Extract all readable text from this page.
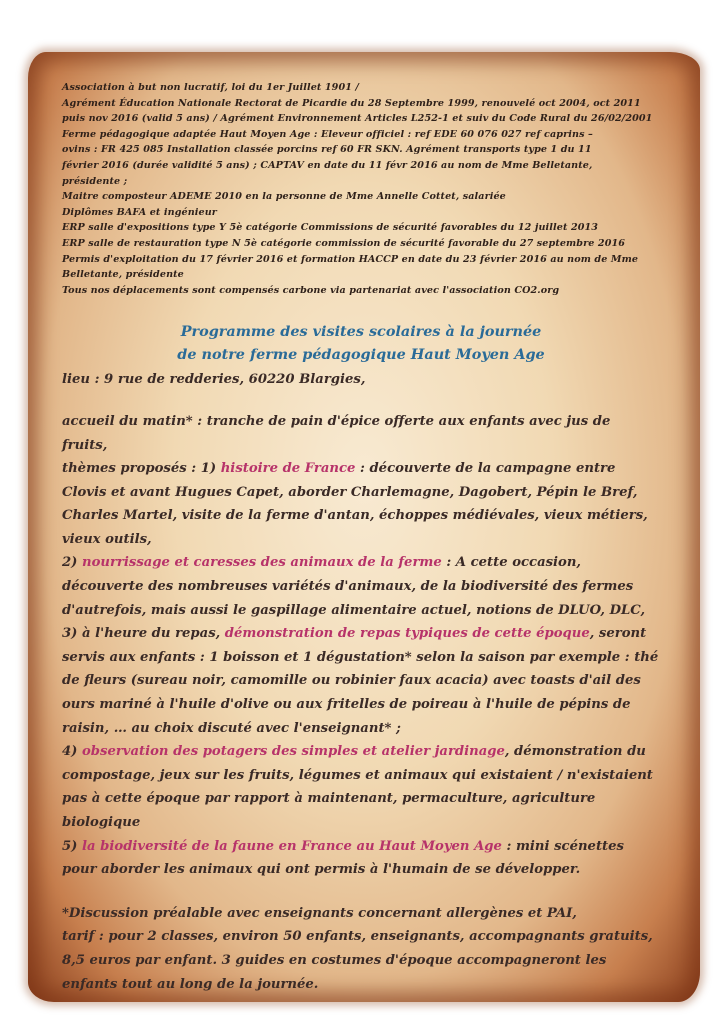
Association à but non lucratif, loi du 1er Juillet 1901 /

Agrément Éducation Nationale Rectorat de Picardie du 28 Septembre 1999, renouvelé oct 2004, oct 2011

puis nov 2016 (valid 5 ans) / Agrément Environnement Articles L252-1 et suiv du Code Rural du 26/02/2001

Ferme pédagogique adaptée Haut Moyen Age : Eleveur officiel : ref EDE 60 076 027 ref caprins –

ovins : FR 425 085 Installation classée porcins ref 60 FR SKN. Agrément transports type 1 du 11

février 2016 (durée validité 5 ans) ; CAPTAV en date du 11 févr 2016 au nom de Mme Belletante,

présidente ;

Maitre composteur ADEME 2010 en la personne de Mme Annelle Cottet, salariée

Diplômes BAFA et ingénieur

ERP salle d'expositions type Y 5è catégorie Commissions de sécurité favorables du 12 juillet 2013

ERP salle de restauration type N 5è catégorie commission de sécurité favorable du 27 septembre 2016

Permis d'exploitation du 17 février 2016 et formation HACCP en date du 23 février 2016 au nom de Mme

Belletante, présidente

Tous nos déplacements sont compensés carbone via partenariat avec l'association CO2.org

Programme des visites scolaires à la journée
de notre ferme pédagogique Haut Moyen Age

lieu : 9 rue de redderies, 60220 Blargies,

accueil du matin* : tranche de pain d'épice offerte aux enfants avec jus de fruits,

thèmes proposés : 1) histoire de France : découverte de la campagne entre Clovis et avant Hugues Capet, aborder Charlemagne, Dagobert, Pépin le Bref, Charles Martel, visite de la ferme d'antan, échoppes médiévales, vieux métiers, vieux outils,

2) nourrissage et caresses des animaux de la ferme : A cette occasion, découverte des nombreuses variétés d'animaux, de la biodiversité des fermes d'autrefois, mais aussi le gaspillage alimentaire actuel, notions de DLUO, DLC,

3) à l'heure du repas, démonstration de repas typiques de cette époque, seront servis aux enfants : 1 boisson et 1 dégustation* selon la saison par exemple : thé de fleurs (sureau noir, camomille ou robinier faux acacia) avec toasts d'ail des ours mariné à l'huile d'olive ou aux fritelles de poireau à l'huile de pépins de raisin, … au choix discuté avec l'enseignant* ;

4) observation des potagers des simples et atelier jardinage, démonstration du compostage, jeux sur les fruits, légumes et animaux qui existaient / n'existaient pas à cette époque par rapport à maintenant, permaculture, agriculture biologique

5) la biodiversité de la faune en France au Haut Moyen Age : mini scénettes pour aborder les animaux qui ont permis à l'humain de se développer.

*Discussion préalable avec enseignants concernant allergènes et PAI,

tarif : pour 2 classes, environ 50 enfants, enseignants, accompagnants gratuits, 8,5 euros par enfant. 3 guides en costumes d'époque accompagneront les enfants tout au long de la journée.
